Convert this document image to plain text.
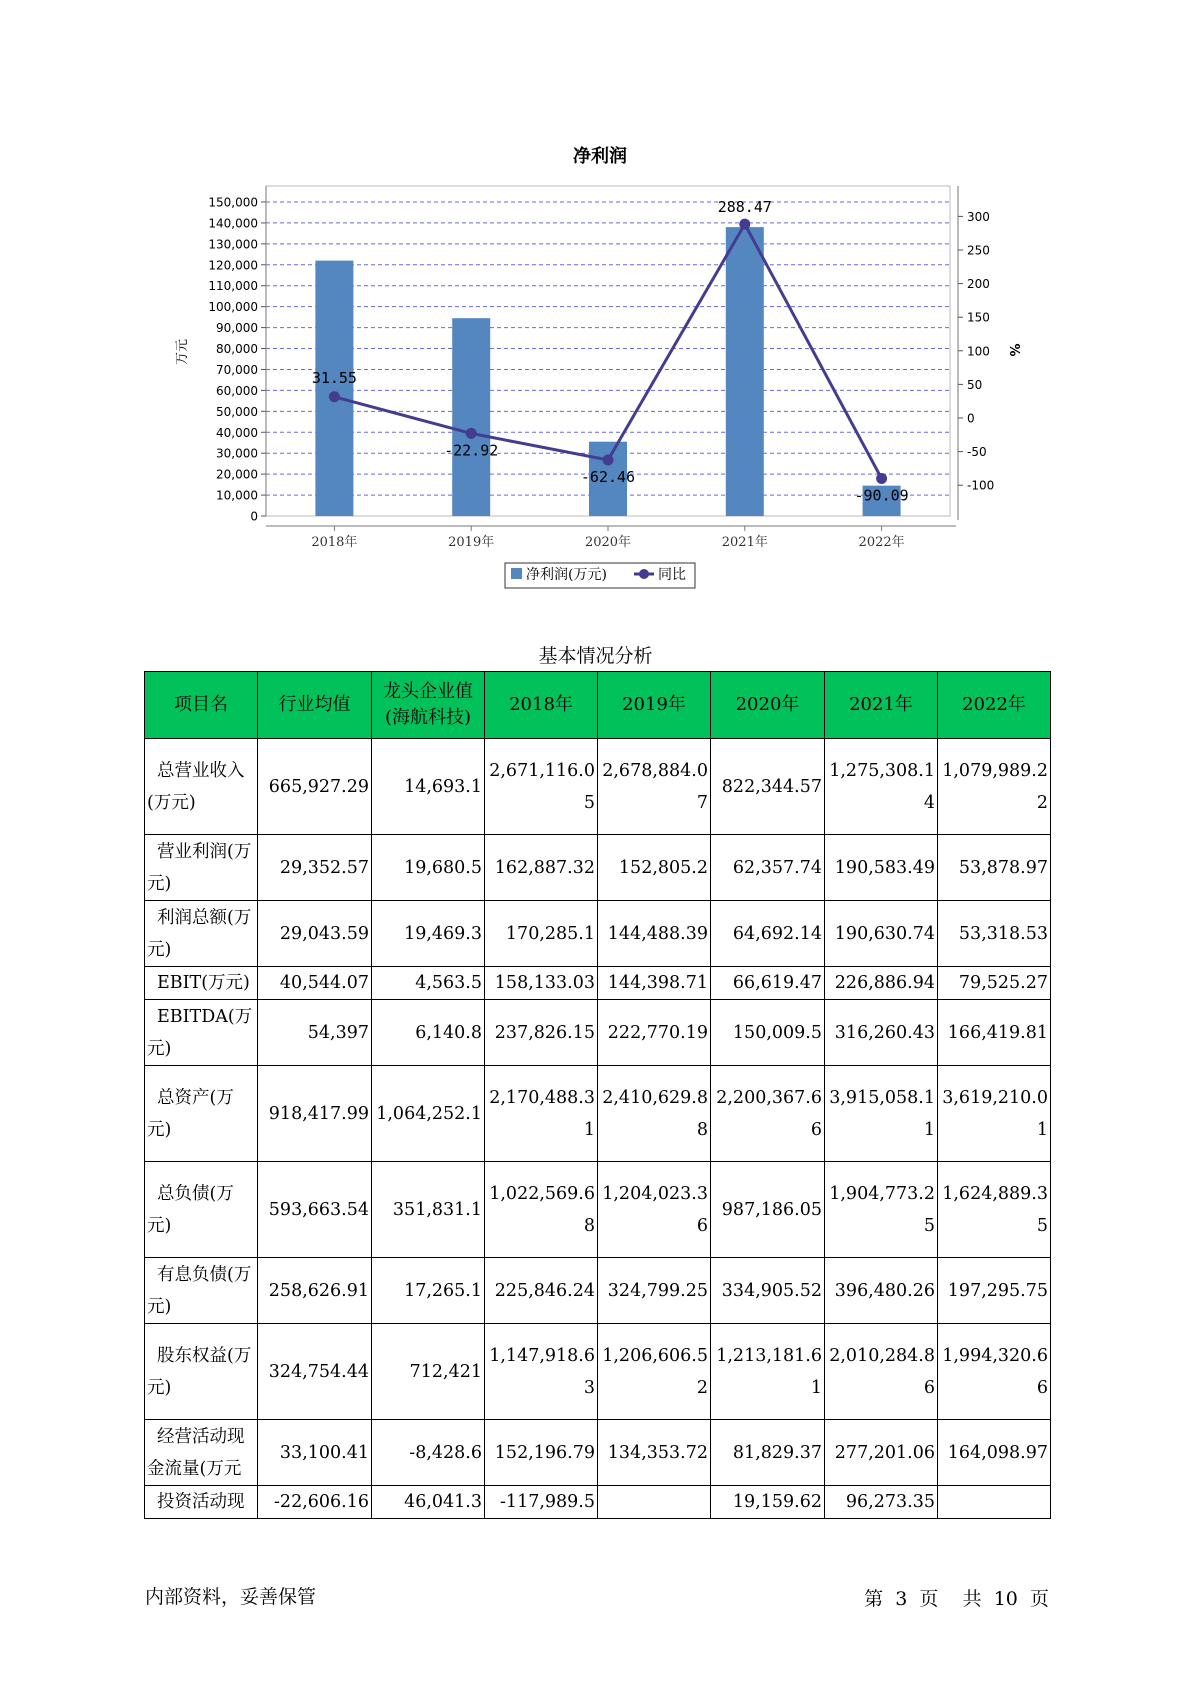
净利润
0
10,000
20,000
30,000
40,000
50,000
60,000
70,000
80,000
90,000
100,000
110,000
120,000
130,000
140,000
150,000
-100
-50
0
50
100
150
200
250
300
31.55
-22.92
-62.46
288.47
-90.09
2018年	2019年	2020年	2021年	2022年
万元	%
净利润(万元)	同比
基本情况分析
项目名	行业均值	龙头企业值(海航科技)	2018年	2019年	2020年	2021年	2022年
总营业收入(万元)	665,927.29	14,693.1	2,671,116.05	2,678,884.07	822,344.57	1,275,308.14	1,079,989.22
营业利润(万元)	29,352.57	19,680.5	162,887.32	152,805.2	62,357.74	190,583.49	53,878.97
利润总额(万元)	29,043.59	19,469.3	170,285.1	144,488.39	64,692.14	190,630.74	53,318.53
EBIT(万元)	40,544.07	4,563.5	158,133.03	144,398.71	66,619.47	226,886.94	79,525.27
EBITDA(万元)	54,397	6,140.8	237,826.15	222,770.19	150,009.5	316,260.43	166,419.81
总资产(万元)	918,417.99	1,064,252.1	2,170,488.31	2,410,629.88	2,200,367.66	3,915,058.11	3,619,210.01
总负债(万元)	593,663.54	351,831.1	1,022,569.68	1,204,023.36	987,186.05	1,904,773.25	1,624,889.35
有息负债(万元)	258,626.91	17,265.1	225,846.24	324,799.25	334,905.52	396,480.26	197,295.75
股东权益(万元)	324,754.44	712,421	1,147,918.63	1,206,606.52	1,213,181.61	2,010,284.86	1,994,320.66
经营活动现金流量(万元	33,100.41	-8,428.6	152,196.79	134,353.72	81,829.37	277,201.06	164,098.97
投资活动现	-22,606.16	46,041.3	-117,989.5		19,159.62	96,273.35	
内部资料，妥善保管	第 3 页 共 10 页
